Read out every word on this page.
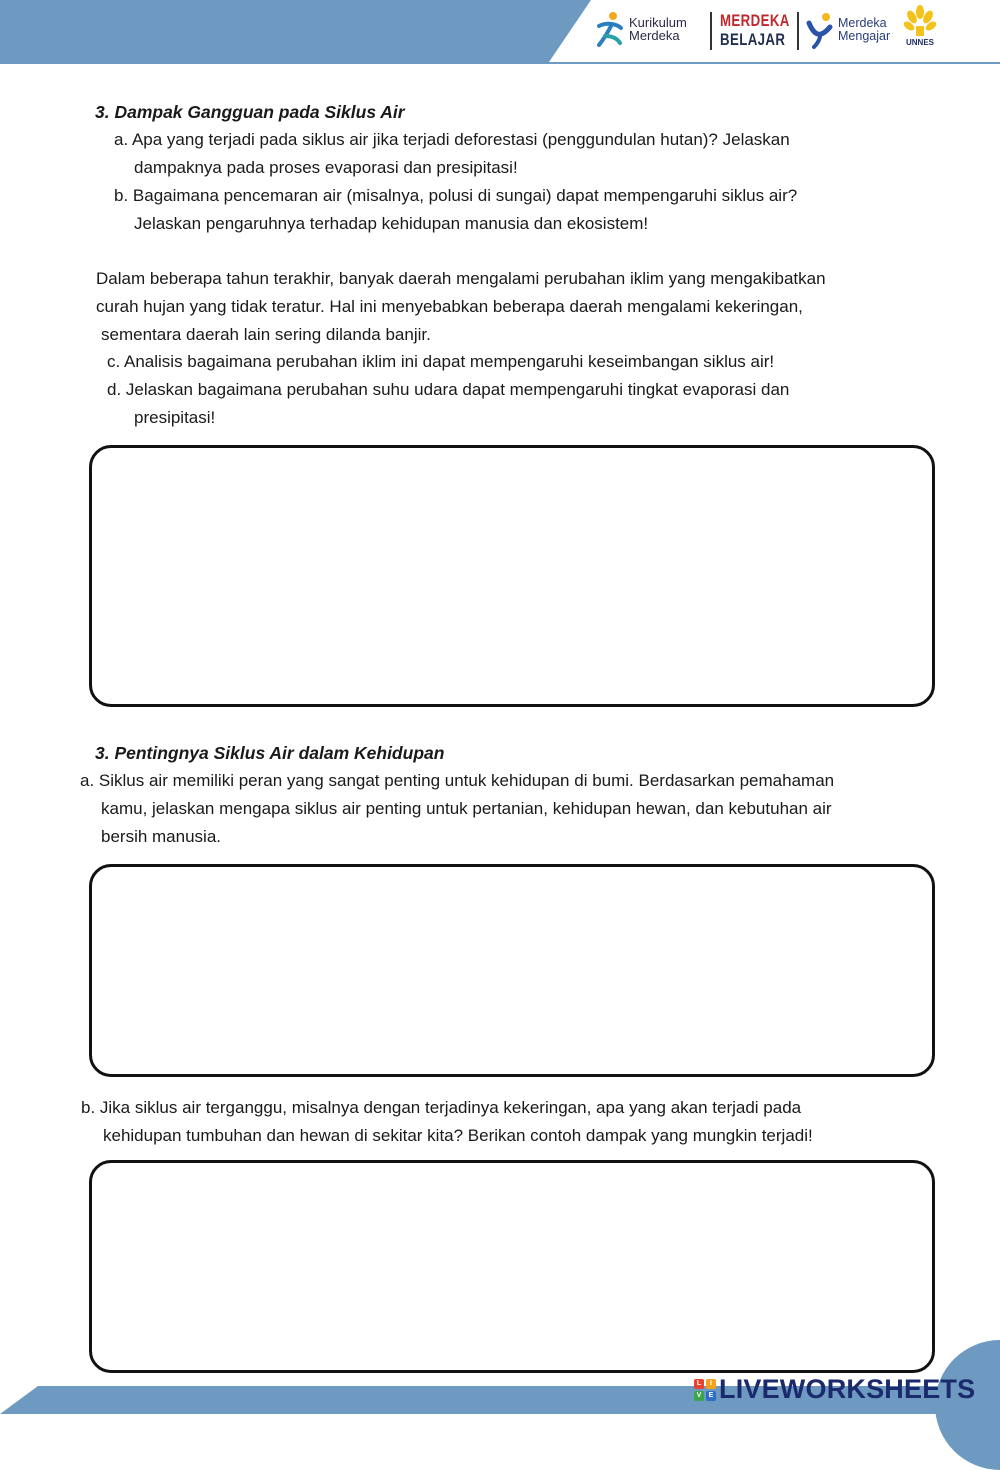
Kurikulum
Merdeka
MERDEKA
BELAJAR
Merdeka
Mengajar UNNES
3. Dampak Gangguan pada Siklus Air
a. Apa yang terjadi pada siklus air jika terjadi deforestasi (penggundulan hutan)? Jelaskan
dampaknya pada proses evaporasi dan presipitasi!
b. Bagaimana pencemaran air (misalnya, polusi di sungai) dapat mempengaruhi siklus air?
Jelaskan pengaruhnya terhadap kehidupan manusia dan ekosistem!
Dalam beberapa tahun terakhir, banyak daerah mengalami perubahan iklim yang mengakibatkan
curah hujan yang tidak teratur. Hal ini menyebabkan beberapa daerah mengalami kekeringan,
sementara daerah lain sering dilanda banjir.
c. Analisis bagaimana perubahan iklim ini dapat mempengaruhi keseimbangan siklus air!
d. Jelaskan bagaimana perubahan suhu udara dapat mempengaruhi tingkat evaporasi dan
presipitasi!
3. Pentingnya Siklus Air dalam Kehidupan
a. Siklus air memiliki peran yang sangat penting untuk kehidupan di bumi. Berdasarkan pemahaman
kamu, jelaskan mengapa siklus air penting untuk pertanian, kehidupan hewan, dan kebutuhan air
bersih manusia.
b. Jika siklus air terganggu, misalnya dengan terjadinya kekeringan, apa yang akan terjadi pada
kehidupan tumbuhan dan hewan di sekitar kita? Berikan contoh dampak yang mungkin terjadi!
L	I
V	E LIVEWORKSHEETS
